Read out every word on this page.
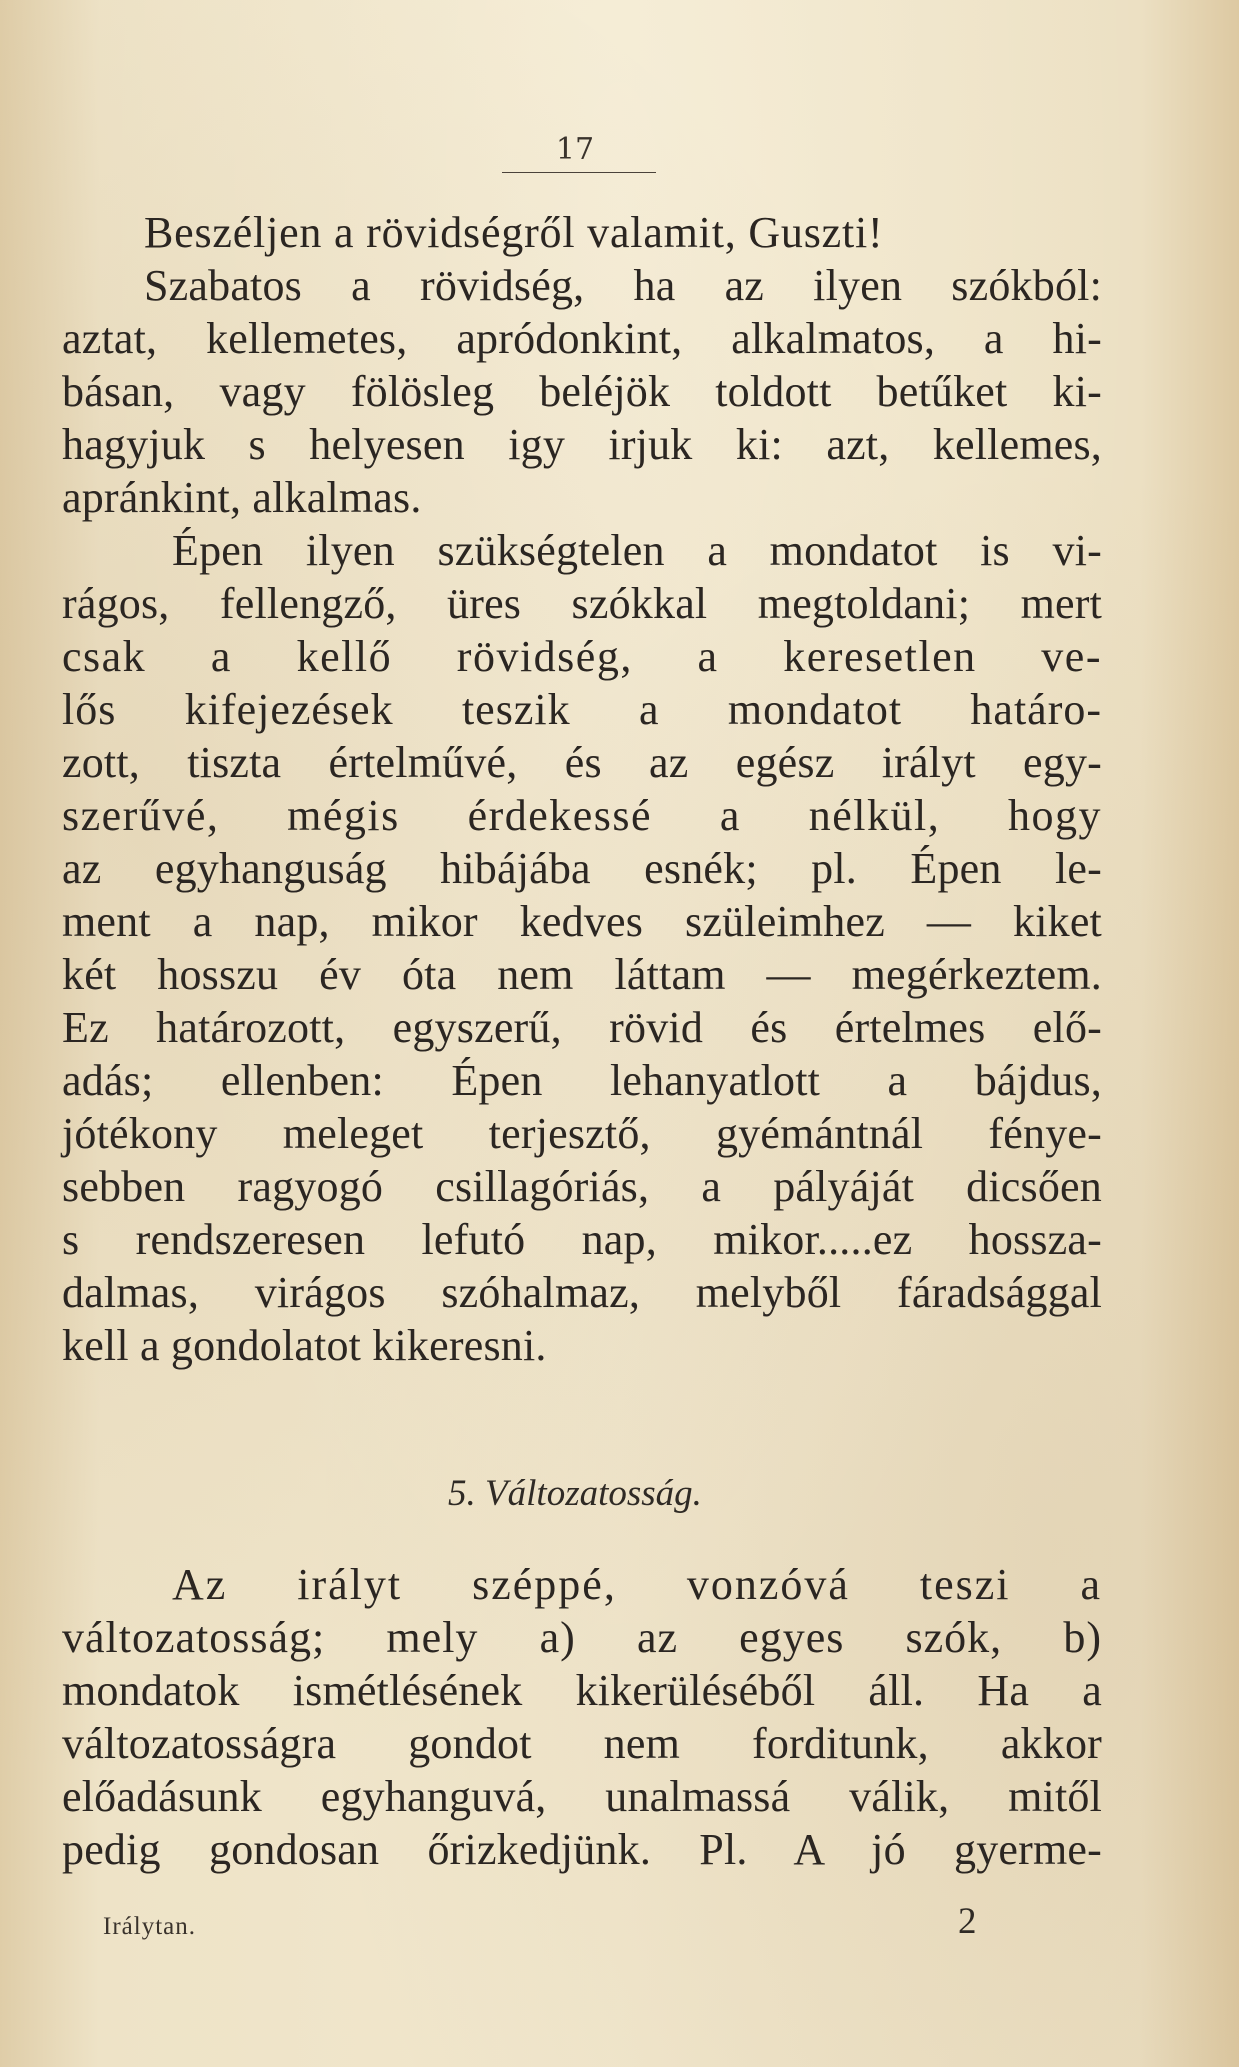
17
Beszéljen a rövidségről valamit, Guszti!
Szabatos a rövidség, ha az ilyen szókból:
aztat, kellemetes, apródonkint, alkalmatos, a hi-
básan, vagy fölösleg beléjök toldott betűket ki-
hagyjuk s helyesen igy irjuk ki: azt, kellemes,
apránkint, alkalmas.
Épen ilyen szükségtelen a mondatot is vi-
rágos, fellengző, üres szókkal megtoldani; mert
csak a kellő rövidség, a keresetlen ve-
lős kifejezések teszik a mondatot határo-
zott, tiszta értelművé, és az egész irályt egy-
szerűvé, mégis érdekessé a nélkül, hogy
az egyhanguság hibájába esnék; pl. Épen le-
ment a nap, mikor kedves szüleimhez — kiket
két hosszu év óta nem láttam — megérkeztem.
Ez határozott, egyszerű, rövid és értelmes elő-
adás; ellenben: Épen lehanyatlott a bájdus,
jótékony meleget terjesztő, gyémántnál fénye-
sebben ragyogó csillagóriás, a pályáját dicsően
s rendszeresen lefutó nap, mikor.....ez hossza-
dalmas, virágos szóhalmaz, melyből fáradsággal
kell a gondolatot kikeresni.
5. Változatosság.
Az irályt széppé, vonzóvá teszi a
változatosság; mely a) az egyes szók, b)
mondatok ismétlésének kikerüléséből áll. Ha a
változatosságra gondot nem forditunk, akkor
előadásunk egyhanguvá, unalmassá válik, mitől
pedig gondosan őrizkedjünk. Pl. A jó gyerme-
Irálytan.	2
